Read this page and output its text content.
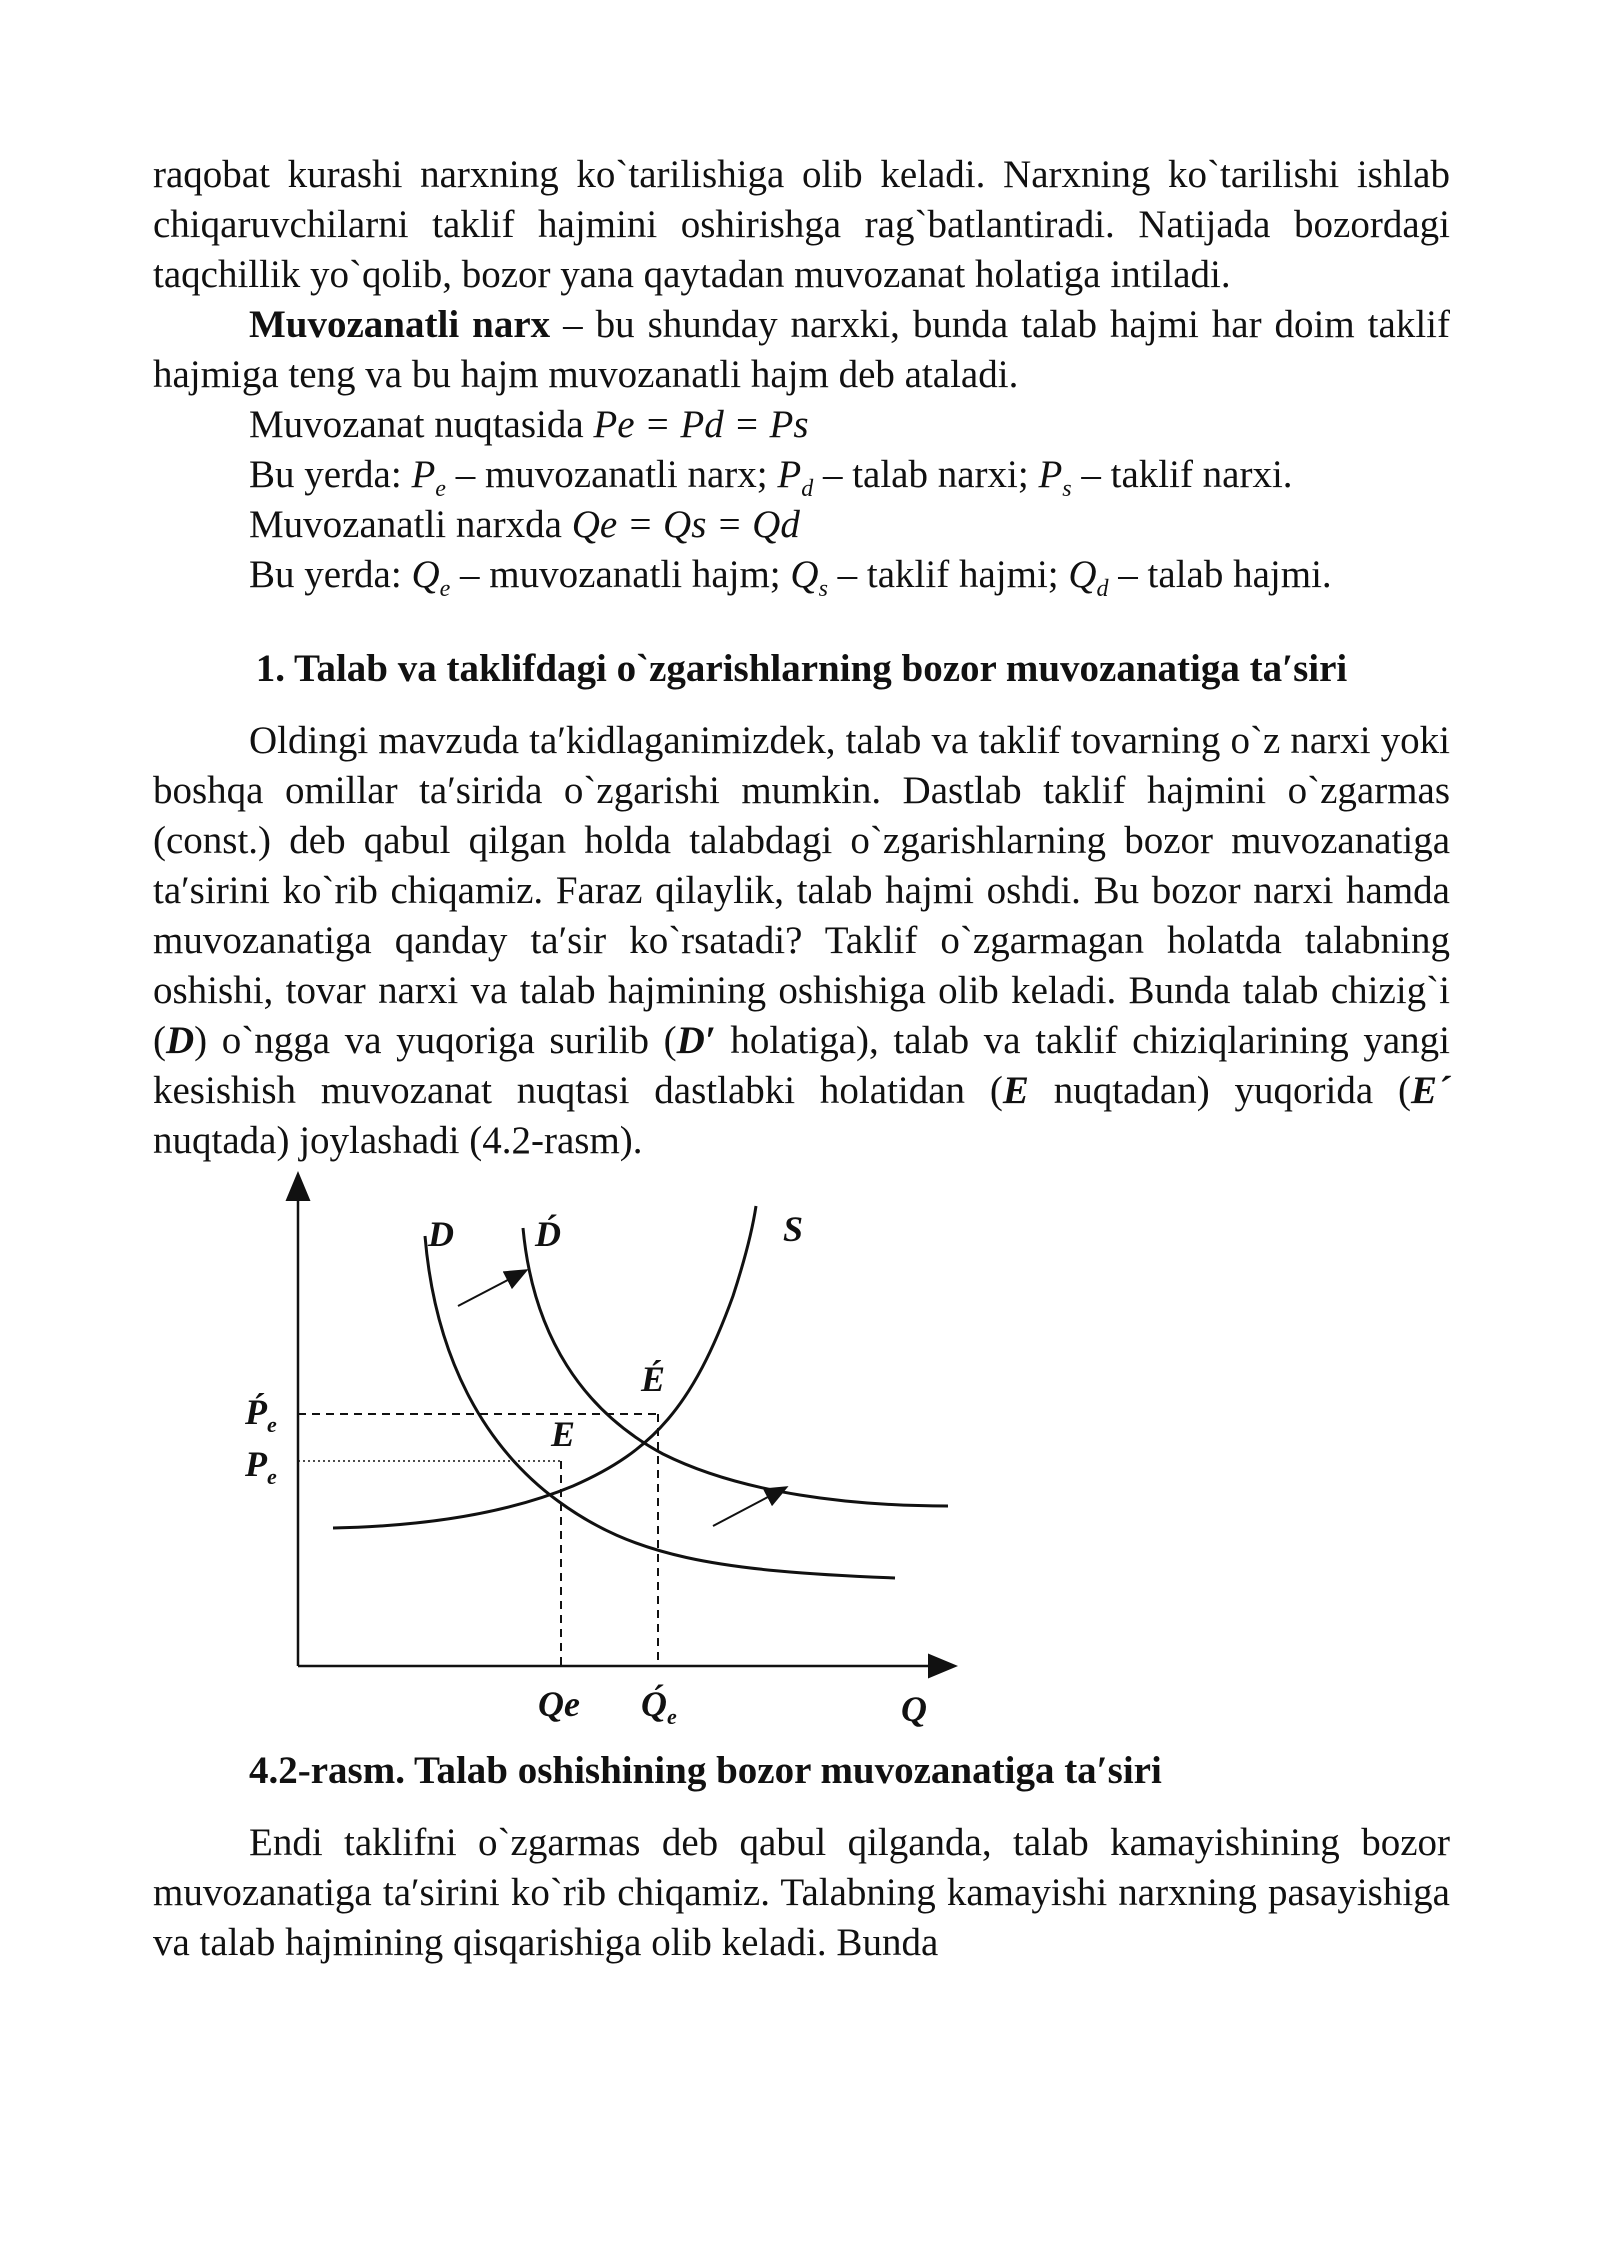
raqobat kurashi narxning ko`tarilishiga olib keladi. Narxning ko`tarilishi ishlab chiqaruvchilarni taklif hajmini oshirishga rag`batlantiradi. Natijada bozordagi taqchillik yo`qolib, bozor yana qaytadan muvozanat holatiga intiladi.

Muvozanatli narx – bu shunday narxki, bunda talab hajmi har doim taklif hajmiga teng va bu hajm muvozanatli hajm deb ataladi.

Muvozanat nuqtasida Pe = Pd = Ps
Bu yerda: $P_e$ – muvozanatli narx; $P_d$ – talab narxi; $P_s$ – taklif narxi.
Muvozanatli narxda Qe = Qs = Qd
Bu yerda: $Q_e$ – muvozanatli hajm; $Q_s$ – taklif hajmi; $Q_d$ – talab hajmi.
1. Talab va taklifdagi o`zgarishlarning bozor muvozanatiga ta′siri

Oldingi mavzuda ta′kidlaganimizdek, talab va taklif tovarning o`z narxi yoki boshqa omillar ta′sirida o`zgarishi mumkin. Dastlab taklif hajmini o`zgarmas (const.) deb qabul qilgan holda talabdagi o`zgarishlarning bozor muvozanatiga ta′sirini ko`rib chiqamiz. Faraz qilaylik, talab hajmi oshdi. Bu bozor narxi hamda muvozanatiga qanday ta′sir ko`rsatadi? Taklif o`zgarmagan holatda talabning oshishi, tovar narxi va talab hajmining oshishiga olib keladi. Bunda talab chizig`i (D) o`ngga va yuqoriga surilib (D′ holatiga), talab va taklif chiziqlarining yangi kesishish muvozanat nuqtasi dastlabki holatidan (E nuqtadan) yuqorida (E´ nuqtada) joylashadi (4.2-rasm).

D D́	S
É
E
Ṕ$_e$
$P_e$
Qe $Q́_e$	Q
4.2-rasm. Talab oshishining bozor muvozanatiga ta′siri

Endi taklifni o`zgarmas deb qabul qilganda, talab kamayishining bozor muvozanatiga ta′sirini ko`rib chiqamiz. Talabning kamayishi narxning pasayishiga va talab hajmining qisqarishiga olib keladi. Bunda
